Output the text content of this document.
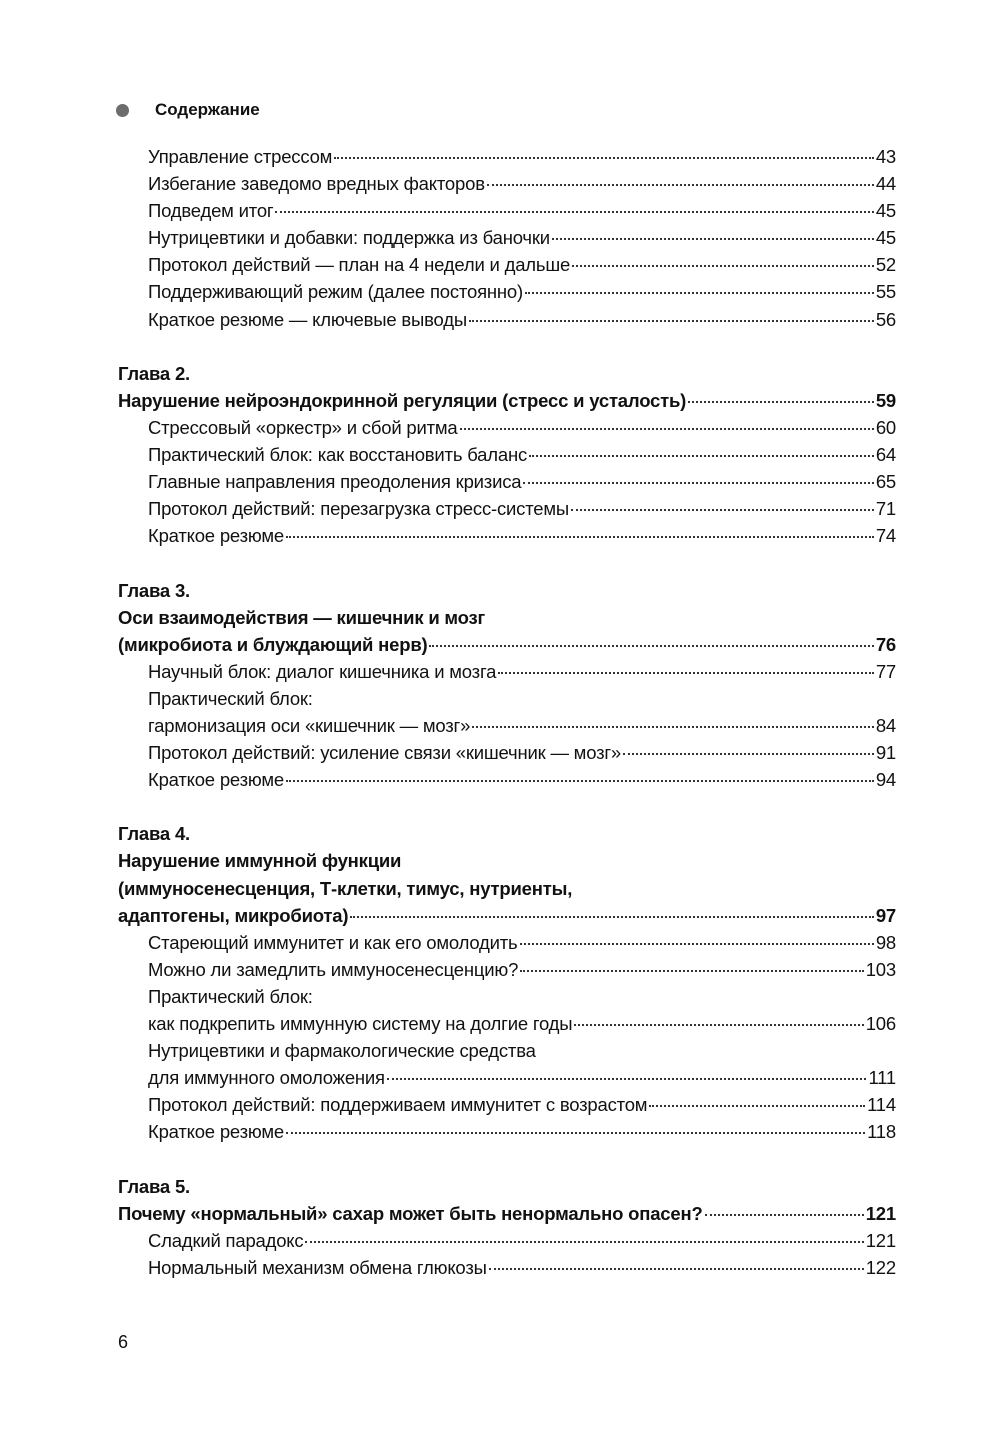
Содержание
Управление стрессом	43
Избегание заведомо вредных факторов	44
Подведем итог	45
Нутрицевтики и добавки: поддержка из баночки	45
Протокол действий — план на 4 недели и дальше	52
Поддерживающий режим (далее постоянно)	55
Краткое резюме — ключевые выводы	56
Глава 2.
Нарушение нейроэндокринной регуляции (стресс и усталость)	59
Стрессовый «оркестр» и сбой ритма	60
Практический блок: как восстановить баланс	64
Главные направления преодоления кризиса	65
Протокол действий: перезагрузка стресс-системы	71
Краткое резюме	74
Глава 3.
Оси взаимодействия — кишечник и мозг
(микробиота и блуждающий нерв)	76
Научный блок: диалог кишечника и мозга	77
Практический блок:
гармонизация оси «кишечник — мозг»	84
Протокол действий: усиление связи «кишечник — мозг»	91
Краткое резюме	94
Глава 4.
Нарушение иммунной функции
(иммуносенесценция, Т-клетки, тимус, нутриенты,
адаптогены, микробиота)	97
Стареющий иммунитет и как его омолодить	98
Можно ли замедлить иммуносенесценцию?	103
Практический блок:
как подкрепить иммунную систему на долгие годы	106
Нутрицевтики и фармакологические средства
для иммунного омоложения	111
Протокол действий: поддерживаем иммунитет с возрастом	114
Краткое резюме	118
Глава 5.
Почему «нормальный» сахар может быть ненормально опасен?	121
Сладкий парадокс	121
Нормальный механизм обмена глюкозы	122
6
